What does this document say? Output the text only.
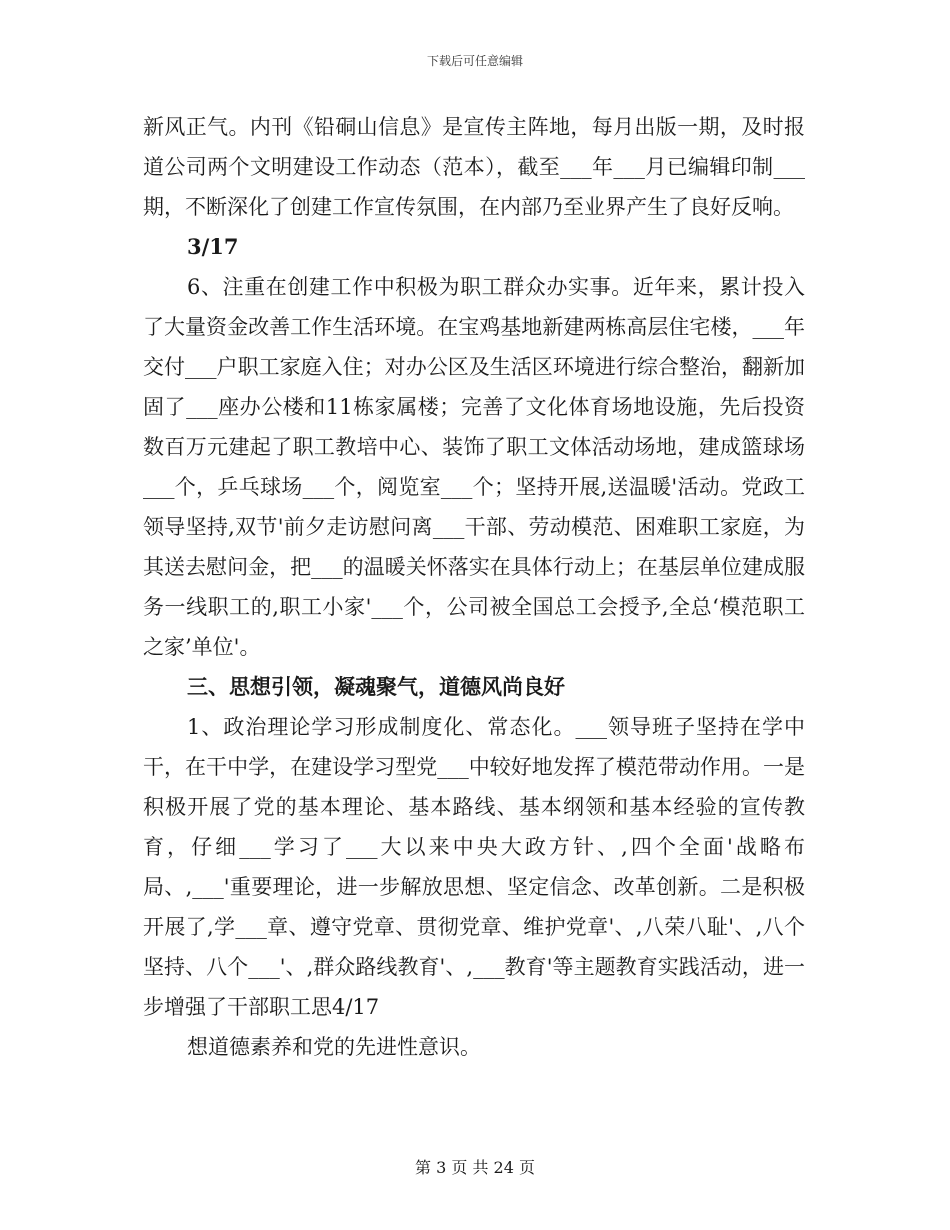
下载后可任意编辑

新风正气。内刊《铅硐山信息》是宣传主阵地，每月出版一期，及时报道公司两个文明建设工作动态（范本），截至___年___月已编辑印制___期，不断深化了创建工作宣传氛围，在内部乃至业界产生了良好反响。

3/17

6、注重在创建工作中积极为职工群众办实事。近年来，累计投入了大量资金改善工作生活环境。在宝鸡基地新建两栋高层住宅楼，___年交付___户职工家庭入住；对办公区及生活区环境进行综合整治，翻新加固了___座办公楼和11栋家属楼；完善了文化体育场地设施，先后投资数百万元建起了职工教培中心、装饰了职工文体活动场地，建成篮球场___个，乒乓球场___个，阅览室___个；坚持开展,送温暖'活动。党政工领导坚持,双节'前夕走访慰问离___干部、劳动模范、困难职工家庭，为其送去慰问金，把___的温暖关怀落实在具体行动上；在基层单位建成服务一线职工的,职工小家'___个，公司被全国总工会授予,全总‘模范职工之家’单位'。

三、思想引领，凝魂聚气，道德风尚良好

1、政治理论学习形成制度化、常态化。___领导班子坚持在学中干，在干中学，在建设学习型党___中较好地发挥了模范带动作用。一是积极开展了党的基本理论、基本路线、基本纲领和基本经验的宣传教育，仔细___学习了___大以来中央大政方针、,四个全面'战略布局、,___'重要理论，进一步解放思想、坚定信念、改革创新。二是积极开展了,学___章、遵守党章、贯彻党章、维护党章'、,八荣八耻'、,八个坚持、八个___'、,群众路线教育'、,___教育'等主题教育实践活动，进一步增强了干部职工思4/17

想道德素养和党的先进性意识。

第 3 页 共 24 页
